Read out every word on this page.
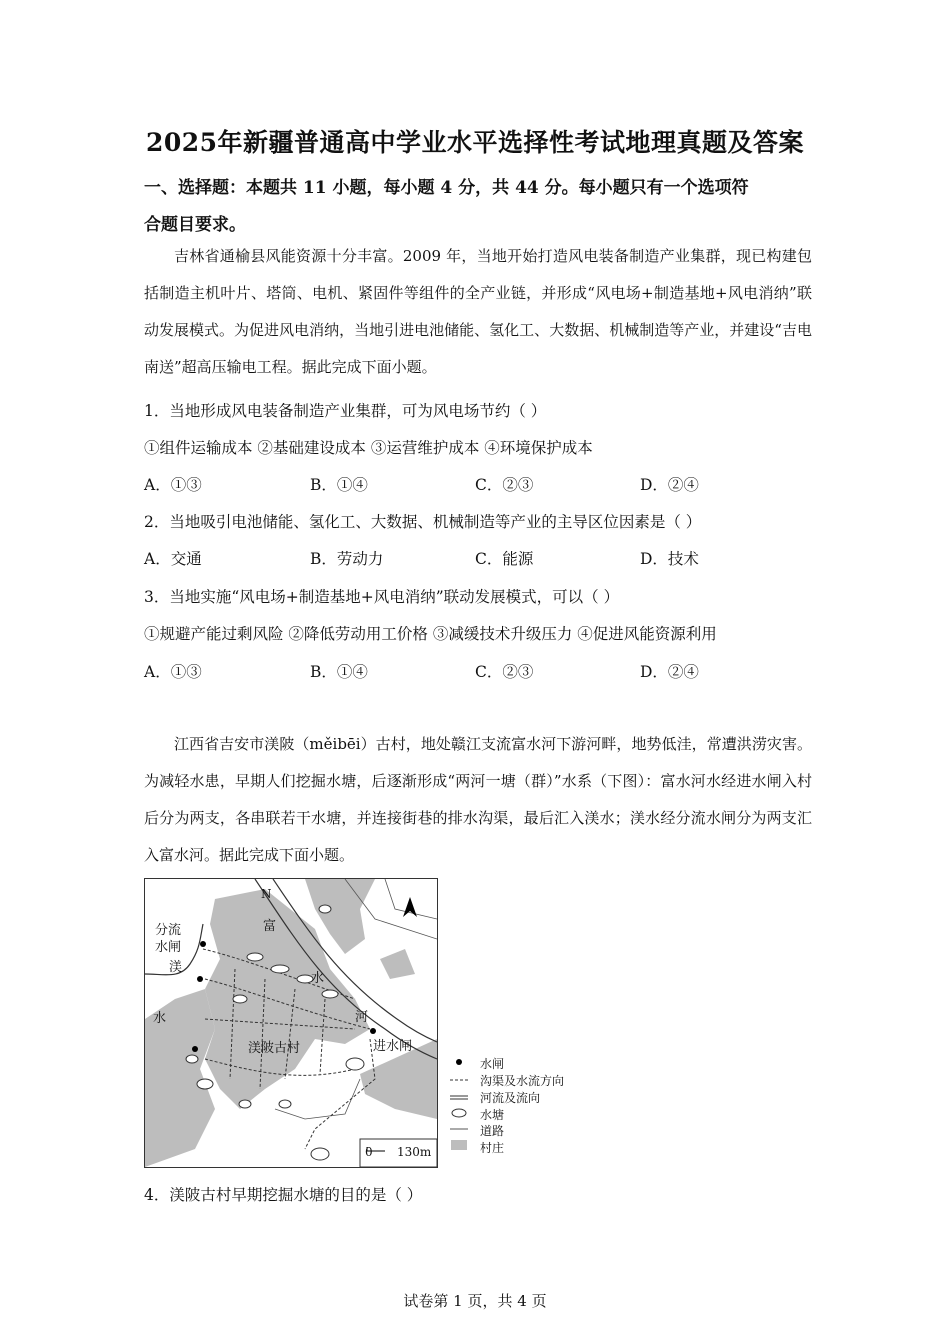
2025年新疆普通高中学业水平选择性考试地理真题及答案
一、选择题：本题共 11 小题，每小题 4 分，共 44 分。每小题只有一个选项符
合题目要求。
吉林省通榆县风能资源十分丰富。2009 年，当地开始打造风电装备制造产业集群，现已构建包括制造主机叶片、塔筒、电机、紧固件等组件的全产业链，并形成“风电场+制造基地+风电消纳”联动发展模式。为促进风电消纳，当地引进电池储能、氢化工、大数据、机械制造等产业，并建设“吉电南送”超高压输电工程。据此完成下面小题。
1．当地形成风电装备制造产业集群，可为风电场节约（ ）
①组件运输成本 ②基础建设成本 ③运营维护成本 ④环境保护成本
A．①③	B．①④	C．②③	D．②④
2．当地吸引电池储能、氢化工、大数据、机械制造等产业的主导区位因素是（ ）
A．交通	B．劳动力	C．能源	D．技术
3．当地实施“风电场+制造基地+风电消纳”联动发展模式，可以（ ）
①规避产能过剩风险 ②降低劳动用工价格 ③减缓技术升级压力 ④促进风能资源利用
A．①③	B．①④	C．②③	D．②④
江西省吉安市渼陂（měibēi）古村，地处赣江支流富水河下游河畔，地势低洼，常遭洪涝灾害。为减轻水患，早期人们挖掘水塘，后逐渐形成“两河一塘（群）”水系（下图）：富水河水经进水闸入村后分为两支，各串联若干水塘，并连接街巷的排水沟渠，最后汇入渼水；渼水经分流水闸分为两支汇入富水河。据此完成下面小题。
N
分流
水闸
渼
水
富
水
河
进水闸
渼陂古村
0 130m
水闸
沟渠及水流方向
河流及流向
水塘
道路
村庄
4．渼陂古村早期挖掘水塘的目的是（ ）
试卷第 1 页，共 4 页
